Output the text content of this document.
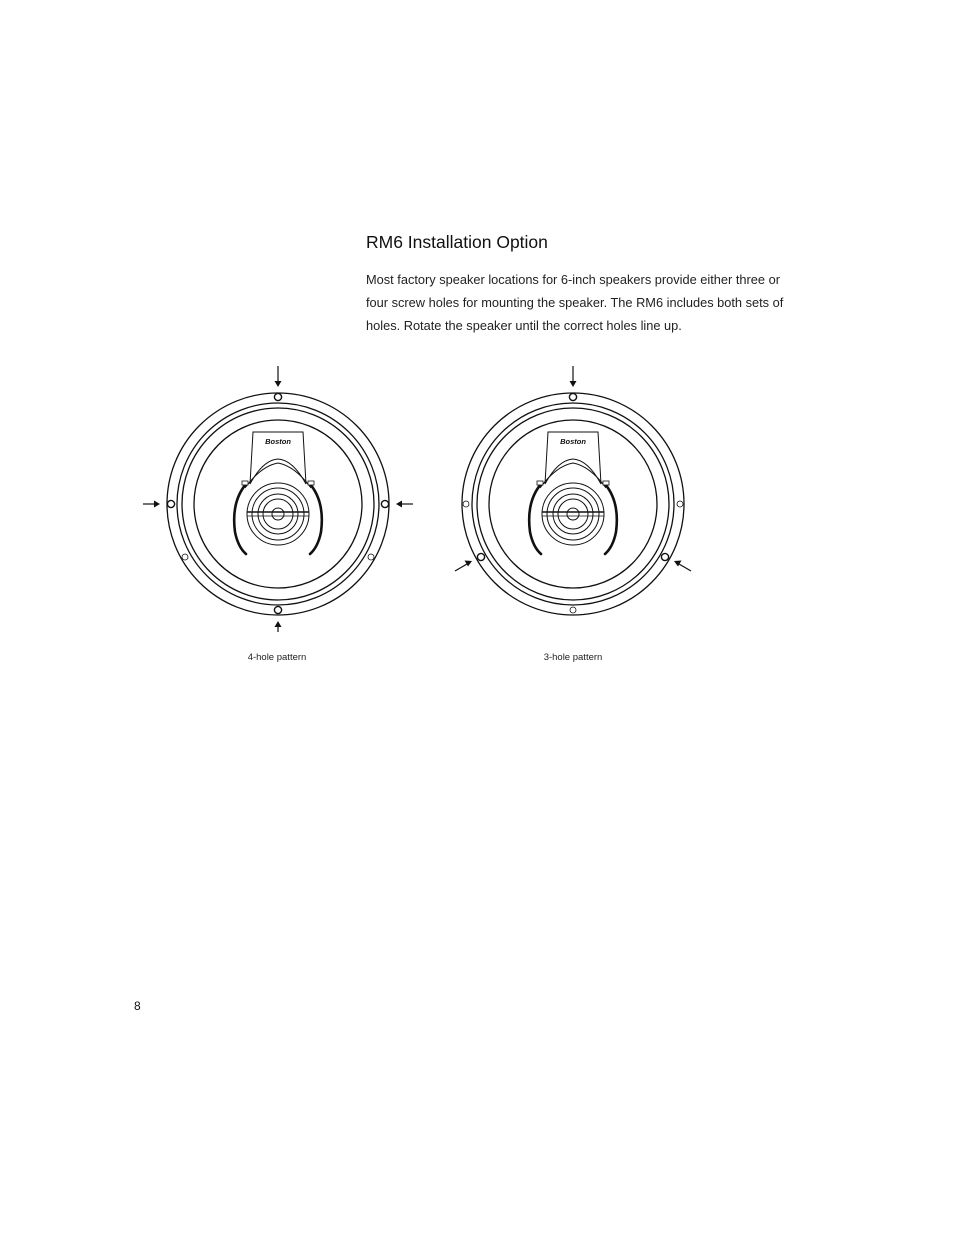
RM6 Installation Option

Most factory speaker locations for 6-inch speakers provide either three or
four screw holes for mounting the speaker. The RM6 includes both sets of
holes. Rotate the speaker until the correct holes line up.

Boston	Boston
4-hole pattern	3-hole pattern
8
